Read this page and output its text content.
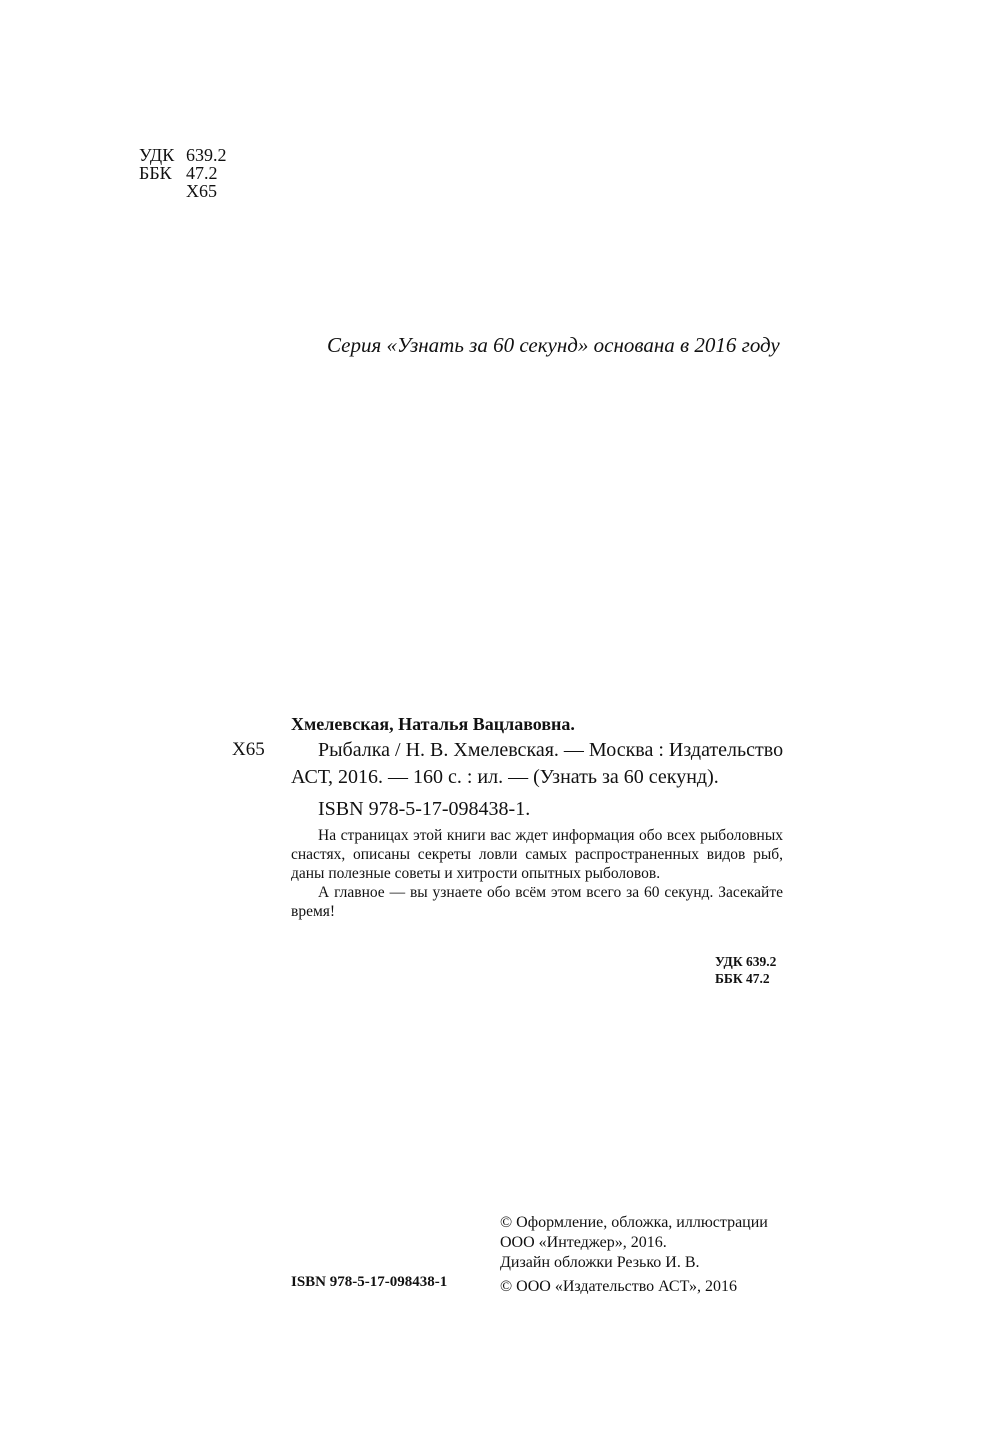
УДК 639.2
ББК 47.2
Х65
Серия «Узнать за 60 секунд» основана в 2016 году
Хмелевская, Наталья Вацлавовна.
Х65	Рыбалка / Н. В. Хмелевская. — Москва : Издательство
АСТ, 2016. — 160 с. : ил. — (Узнать за 60 секунд).
ISBN 978-5-17-098438-1.

На страницах этой книги вас ждет информация обо всех рыболовных снастях, описаны секреты ловли самых распространенных видов рыб, даны полезные советы и хитрости опытных рыболовов.

А главное — вы узнаете обо всём этом всего за 60 секунд. Засекайте время!

УДК 639.2
ББК 47.2
© Оформление, обложка, иллюстрации
ООО «Интеджер», 2016.
Дизайн обложки Резько И. В.
© ООО «Издательство АСТ», 2016
ISBN 978-5-17-098438-1
